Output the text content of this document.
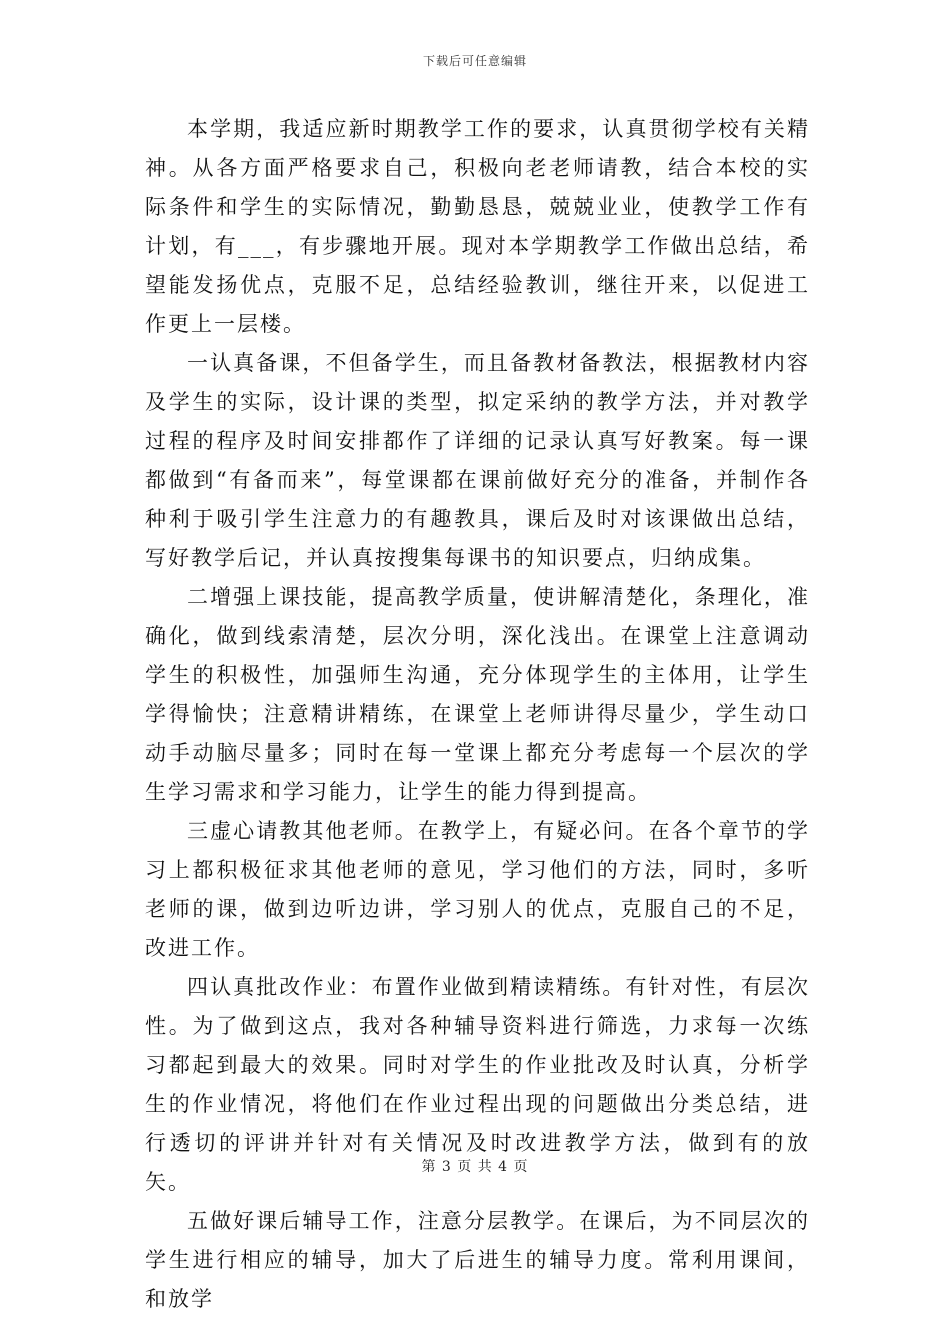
下载后可任意编辑

本学期，我适应新时期教学工作的要求，认真贯彻学校有关精神。从各方面严格要求自己，积极向老老师请教，结合本校的实际条件和学生的实际情况，勤勤恳恳，兢兢业业，使教学工作有计划，有___，有步骤地开展。现对本学期教学工作做出总结，希望能发扬优点，克服不足，总结经验教训，继往开来，以促进工作更上一层楼。

一认真备课，不但备学生，而且备教材备教法，根据教材内容及学生的实际，设计课的类型，拟定采纳的教学方法，并对教学过程的程序及时间安排都作了详细的记录认真写好教案。每一课都做到“有备而来”，每堂课都在课前做好充分的准备，并制作各种利于吸引学生注意力的有趣教具，课后及时对该课做出总结，写好教学后记，并认真按搜集每课书的知识要点，归纳成集。

二增强上课技能，提高教学质量，使讲解清楚化，条理化，准确化，做到线索清楚，层次分明，深化浅出。在课堂上注意调动学生的积极性，加强师生沟通，充分体现学生的主体用，让学生学得愉快；注意精讲精练，在课堂上老师讲得尽量少，学生动口动手动脑尽量多；同时在每一堂课上都充分考虑每一个层次的学生学习需求和学习能力，让学生的能力得到提高。

三虚心请教其他老师。在教学上，有疑必问。在各个章节的学习上都积极征求其他老师的意见，学习他们的方法，同时，多听老师的课，做到边听边讲，学习别人的优点，克服自己的不足，改进工作。

四认真批改作业：布置作业做到精读精练。有针对性，有层次性。为了做到这点，我对各种辅导资料进行筛选，力求每一次练习都起到最大的效果。同时对学生的作业批改及时认真，分析学生的作业情况，将他们在作业过程出现的问题做出分类总结，进行透切的评讲并针对有关情况及时改进教学方法，做到有的放矢。

五做好课后辅导工作，注意分层教学。在课后，为不同层次的学生进行相应的辅导，加大了后进生的辅导力度。常利用课间，和放学

第 3 页 共 4 页
